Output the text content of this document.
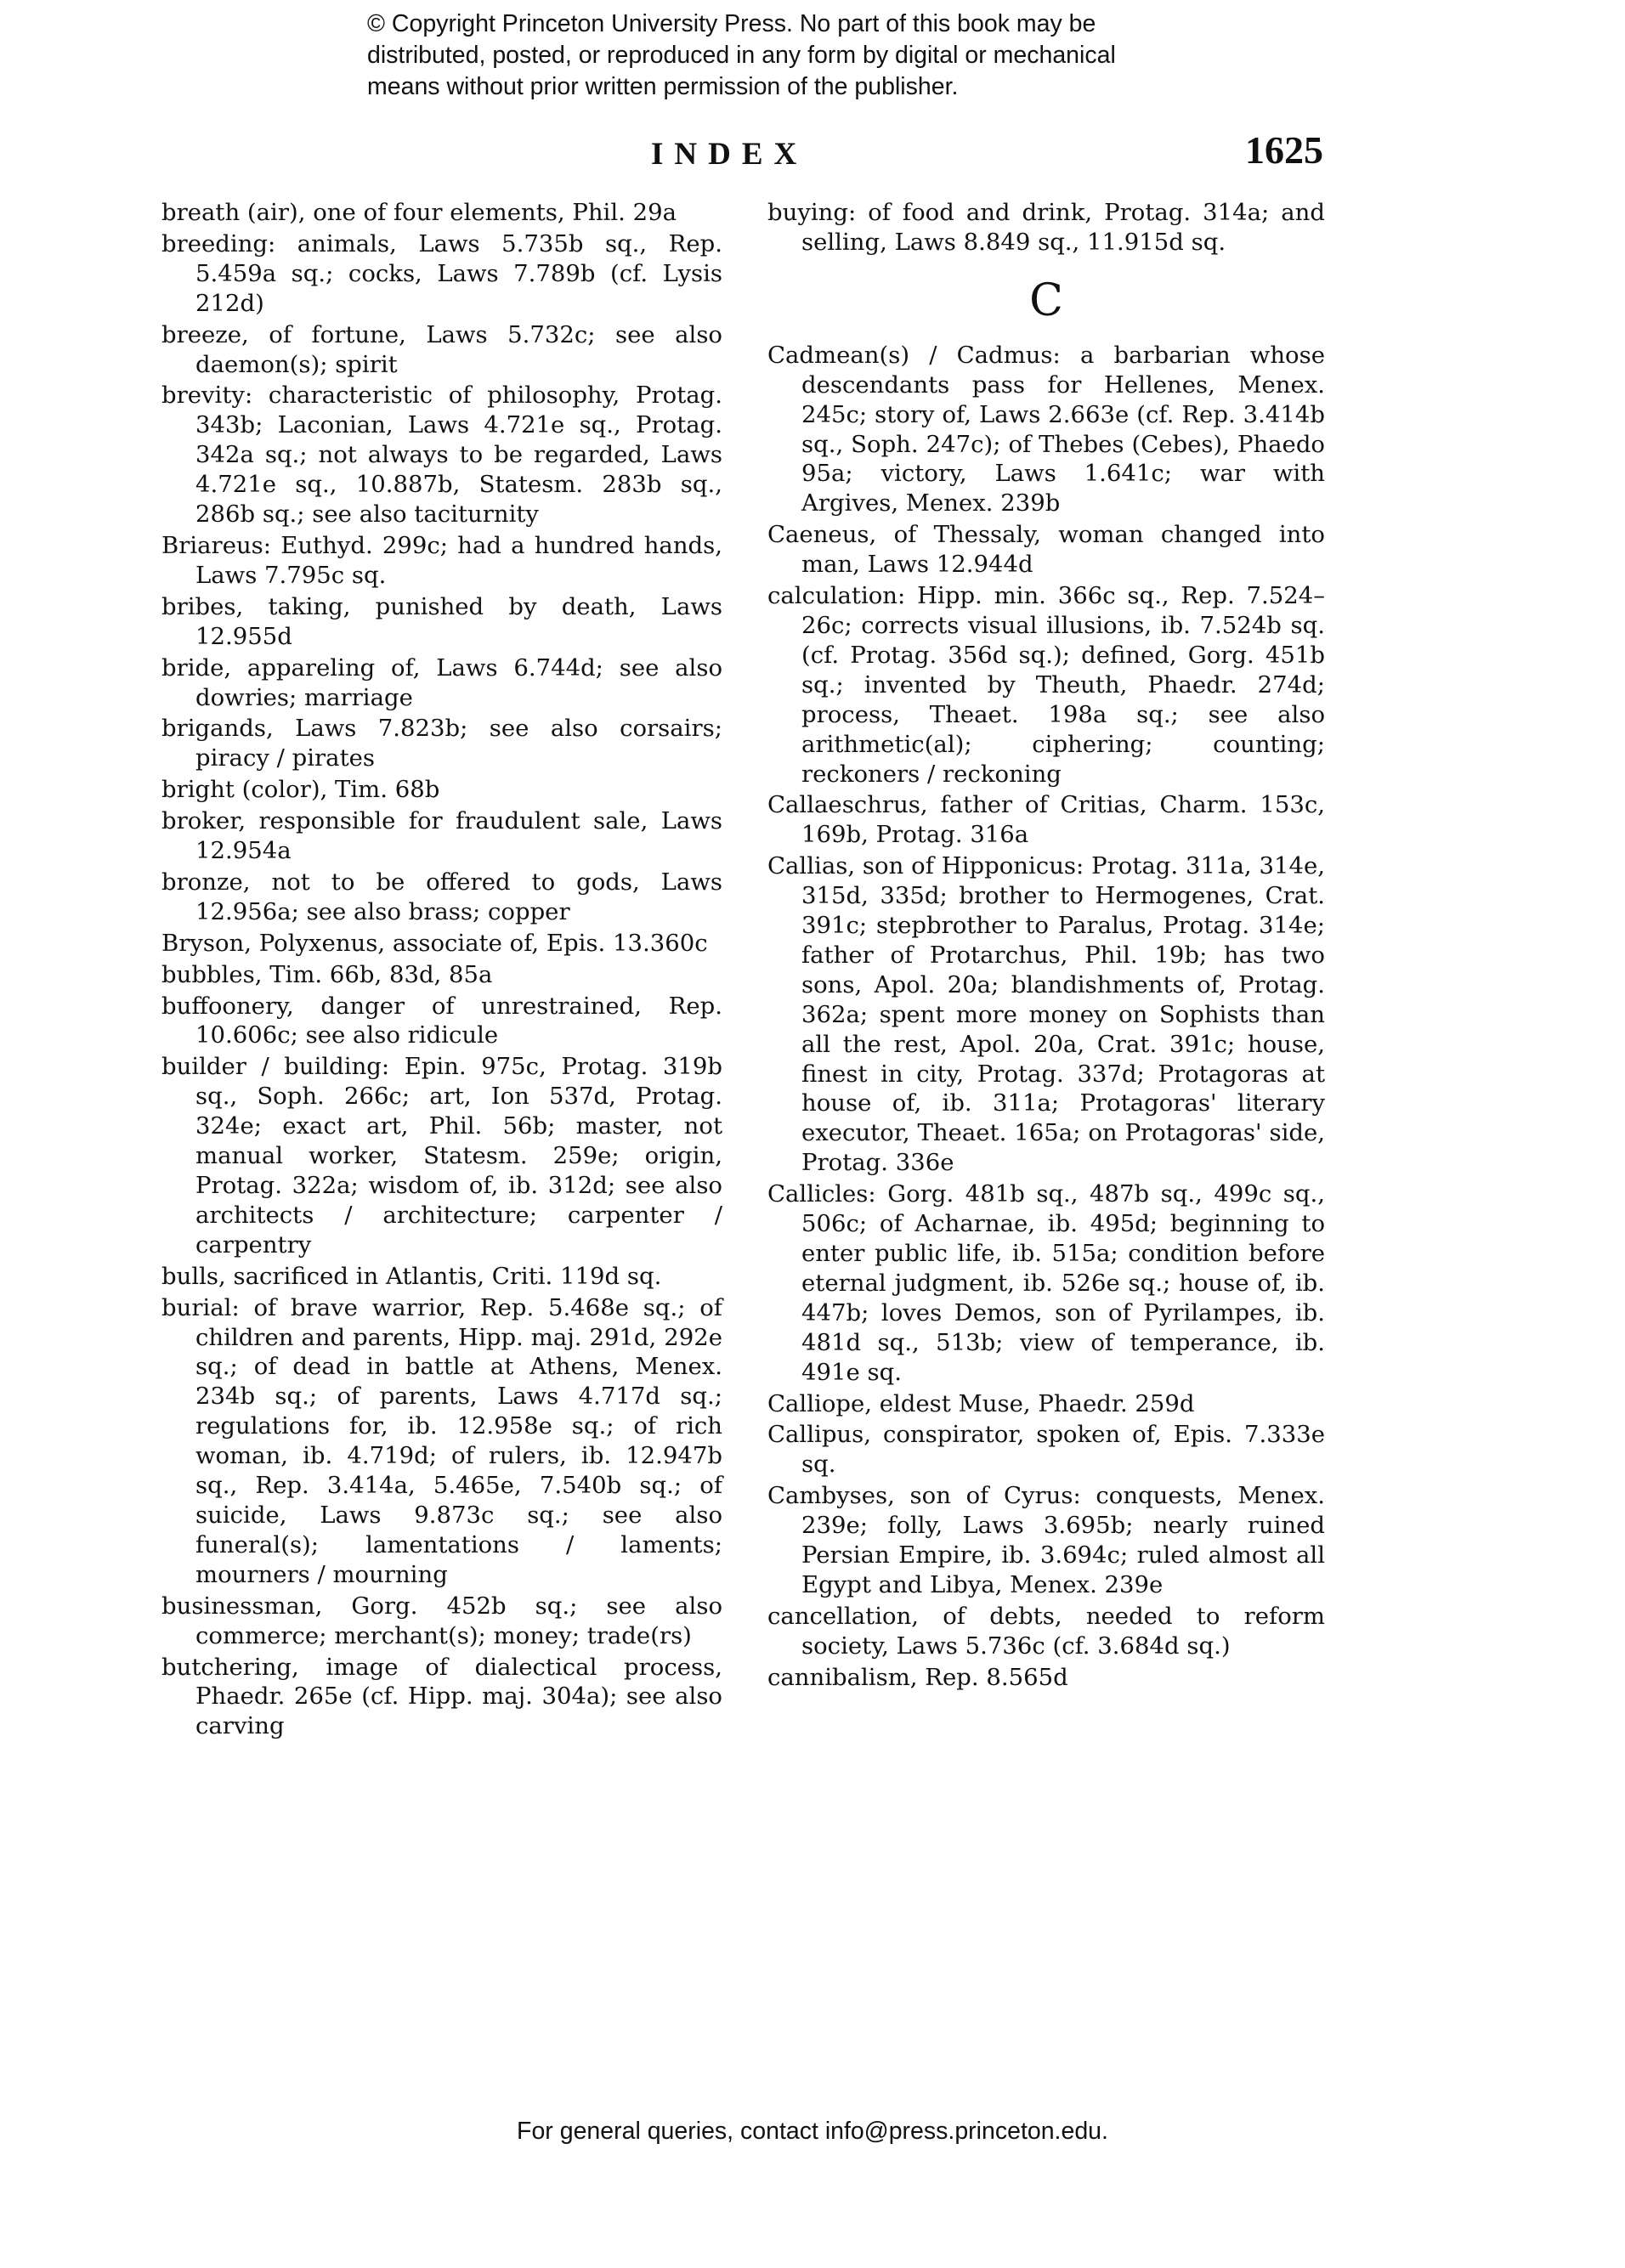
© Copyright Princeton University Press. No part of this book may be
distributed, posted, or reproduced in any form by digital or mechanical
means without prior written permission of the publisher.
INDEX	1625

breath (air), one of four elements, Phil. 29a

breeding: animals, Laws 5.735b sq., Rep. 5.459a sq.; cocks, Laws 7.789b (cf. Lysis 212d)

breeze, of fortune, Laws 5.732c; see also daemon(s); spirit

brevity: characteristic of philosophy, Protag. 343b; Laconian, Laws 4.721e sq., Protag. 342a sq.; not always to be regarded, Laws 4.721e sq., 10.887b, Statesm. 283b sq., 286b sq.; see also taciturnity

Briareus: Euthyd. 299c; had a hundred hands, Laws 7.795c sq.

bribes, taking, punished by death, Laws 12.955d

bride, appareling of, Laws 6.744d; see also dowries; marriage

brigands, Laws 7.823b; see also corsairs; piracy / pirates

bright (color), Tim. 68b

broker, responsible for fraudulent sale, Laws 12.954a

bronze, not to be offered to gods, Laws 12.956a; see also brass; copper

Bryson, Polyxenus, associate of, Epis. 13.360c

bubbles, Tim. 66b, 83d, 85a

buffoonery, danger of unrestrained, Rep. 10.606c; see also ridicule

builder / building: Epin. 975c, Protag. 319b sq., Soph. 266c; art, Ion 537d, Protag. 324e; exact art, Phil. 56b; master, not manual worker, Statesm. 259e; origin, Protag. 322a; wisdom of, ib. 312d; see also architects / architecture; carpenter / carpentry

bulls, sacrificed in Atlantis, Criti. 119d sq.

burial: of brave warrior, Rep. 5.468e sq.; of children and parents, Hipp. maj. 291d, 292e sq.; of dead in battle at Athens, Menex. 234b sq.; of parents, Laws 4.717d sq.; regulations for, ib. 12.958e sq.; of rich woman, ib. 4.719d; of rulers, ib. 12.947b sq., Rep. 3.414a, 5.465e, 7.540b sq.; of suicide, Laws 9.873c sq.; see also funeral(s); lamentations / laments; mourners / mourning

businessman, Gorg. 452b sq.; see also commerce; merchant(s); money; trade(rs)

butchering, image of dialectical process, Phaedr. 265e (cf. Hipp. maj. 304a); see also carving

buying: of food and drink, Protag. 314a; and selling, Laws 8.849 sq., 11.915d sq.

C

Cadmean(s) / Cadmus: a barbarian whose descendants pass for Hellenes, Menex. 245c; story of, Laws 2.663e (cf. Rep. 3.414b sq., Soph. 247c); of Thebes (Cebes), Phaedo 95a; victory, Laws 1.641c; war with Argives, Menex. 239b

Caeneus, of Thessaly, woman changed into man, Laws 12.944d

calculation: Hipp. min. 366c sq., Rep. 7.524–26c; corrects visual illusions, ib. 7.524b sq. (cf. Protag. 356d sq.); defined, Gorg. 451b sq.; invented by Theuth, Phaedr. 274d; process, Theaet. 198a sq.; see also arithmetic(al); ciphering; counting; reckoners / reckoning

Callaeschrus, father of Critias, Charm. 153c, 169b, Protag. 316a

Callias, son of Hipponicus: Protag. 311a, 314e, 315d, 335d; brother to Hermogenes, Crat. 391c; stepbrother to Paralus, Protag. 314e; father of Protarchus, Phil. 19b; has two sons, Apol. 20a; blandishments of, Protag. 362a; spent more money on Sophists than all the rest, Apol. 20a, Crat. 391c; house, finest in city, Protag. 337d; Protagoras at house of, ib. 311a; Protagoras' literary executor, Theaet. 165a; on Protagoras' side, Protag. 336e

Callicles: Gorg. 481b sq., 487b sq., 499c sq., 506c; of Acharnae, ib. 495d; beginning to enter public life, ib. 515a; condition before eternal judgment, ib. 526e sq.; house of, ib. 447b; loves Demos, son of Pyrilampes, ib. 481d sq., 513b; view of temperance, ib. 491e sq.

Calliope, eldest Muse, Phaedr. 259d

Callipus, conspirator, spoken of, Epis. 7.333e sq.

Cambyses, son of Cyrus: conquests, Menex. 239e; folly, Laws 3.695b; nearly ruined Persian Empire, ib. 3.694c; ruled almost all Egypt and Libya, Menex. 239e

cancellation, of debts, needed to reform society, Laws 5.736c (cf. 3.684d sq.)

cannibalism, Rep. 8.565d

For general queries, contact info@press.princeton.edu.
